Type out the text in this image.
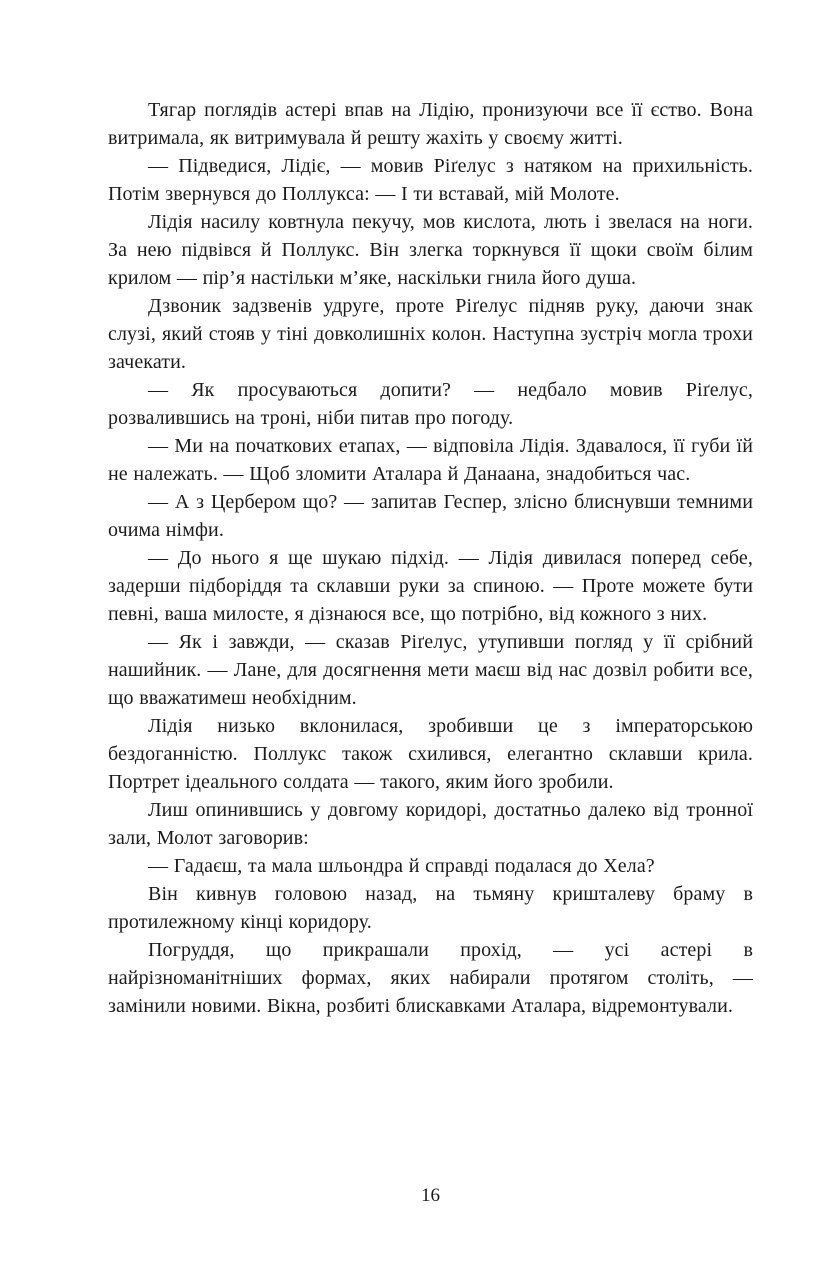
Тягар поглядів астері впав на Лідію, пронизуючи все її єство. Вона витримала, як витримувала й решту жахіть у своєму житті.

— Підведися, Лідіє, — мовив Ріґелус з натяком на прихильність. Потім звернувся до Поллукса: — І ти вставай, мій Молоте.

Лідія насилу ковтнула пекучу, мов кислота, лють і звелася на ноги. За нею підвівся й Поллукс. Він злегка торкнувся її щоки своїм білим крилом — пір’я настільки м’яке, наскільки гнила його душа.

Дзвоник задзвенів удруге, проте Ріґелус підняв руку, даючи знак слузі, який стояв у тіні довколишніх колон. Наступна зустріч могла трохи зачекати.

— Як просуваються допити? — недбало мовив Ріґелус, розвалившись на троні, ніби питав про погоду.

— Ми на початкових етапах, — відповіла Лідія. Здавалося, її губи їй не належать. — Щоб зломити Аталара й Данаана, знадобиться час.

— А з Цербером що? — запитав Геспер, злісно блиснувши темними очима німфи.

— До нього я ще шукаю підхід. — Лідія дивилася поперед себе, задерши підборіддя та склавши руки за спиною. — Проте можете бути певні, ваша милосте, я дізнаюся все, що потрібно, від кожного з них.

— Як і завжди, — сказав Ріґелус, утупивши погляд у її срібний нашийник. — Лане, для досягнення мети маєш від нас дозвіл робити все, що вважатимеш необхідним.

Лідія низько вклонилася, зробивши це з імператорською бездоганністю. Поллукс також схилився, елегантно склавши крила. Портрет ідеального солдата — такого, яким його зробили.

Лиш опинившись у довгому коридорі, достатньо далеко від тронної зали, Молот заговорив:

— Гадаєш, та мала шльондра й справді подалася до Хела?

Він кивнув головою назад, на тьмяну кришталеву браму в протилежному кінці коридору.

Погруддя, що прикрашали прохід, — усі астері в найрізноманітніших формах, яких набирали протягом століть, — замінили новими. Вікна, розбиті блискавками Аталара, відремонтували.

16
